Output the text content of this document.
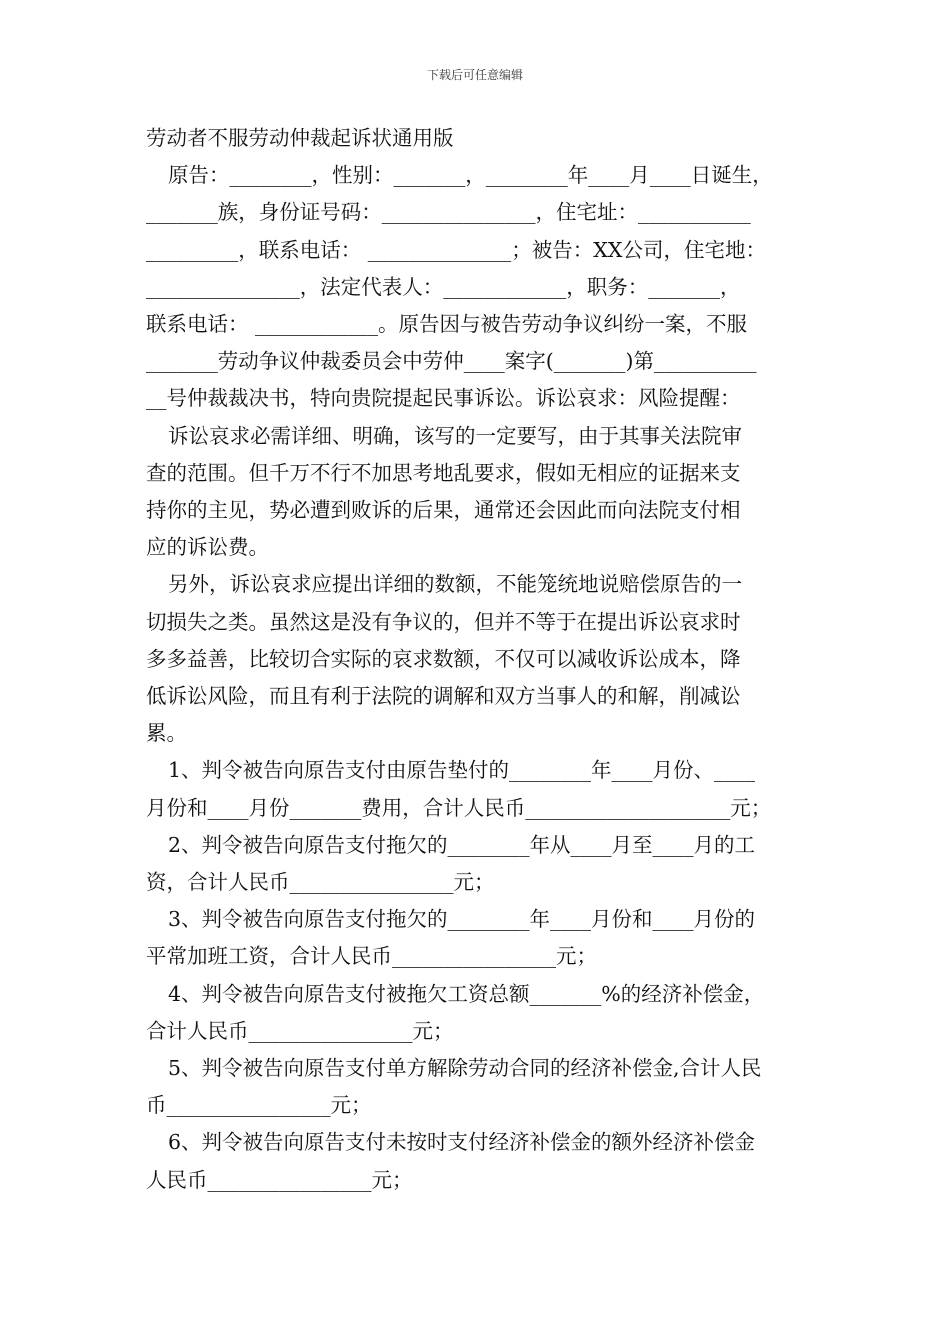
下载后可任意编辑
劳动者不服劳动仲裁起诉状通用版
原告：________，性别：_______，________年____月____日诞生，
_______族，身份证号码：_______________，住宅址：___________
_________，联系电话： ______________；被告：XX公司，住宅地：
_______________，法定代表人：____________，职务：_______，
联系电话： ____________。原告因与被告劳动争议纠纷一案，不服
_______劳动争议仲裁委员会中劳仲____案字(_______)第__________
__号仲裁裁决书，特向贵院提起民事诉讼。诉讼哀求：风险提醒：
诉讼哀求必需详细、明确，该写的一定要写，由于其事关法院审
查的范围。但千万不行不加思考地乱要求，假如无相应的证据来支
持你的主见，势必遭到败诉的后果，通常还会因此而向法院支付相
应的诉讼费。
另外，诉讼哀求应提出详细的数额，不能笼统地说赔偿原告的一
切损失之类。虽然这是没有争议的，但并不等于在提出诉讼哀求时
多多益善，比较切合实际的哀求数额，不仅可以减收诉讼成本，降
低诉讼风险，而且有利于法院的调解和双方当事人的和解，削减讼
累。
1、判令被告向原告支付由原告垫付的________年____月份、____
月份和____月份_______费用，合计人民币____________________元；
2、判令被告向原告支付拖欠的________年从____月至____月的工
资，合计人民币________________元；
3、判令被告向原告支付拖欠的________年____月份和____月份的
平常加班工资，合计人民币________________元；
4、判令被告向原告支付被拖欠工资总额_______%的经济补偿金，
合计人民币________________元；
5、判令被告向原告支付单方解除劳动合同的经济补偿金,合计人民
币________________元；
6、判令被告向原告支付未按时支付经济补偿金的额外经济补偿金
人民币________________元；
